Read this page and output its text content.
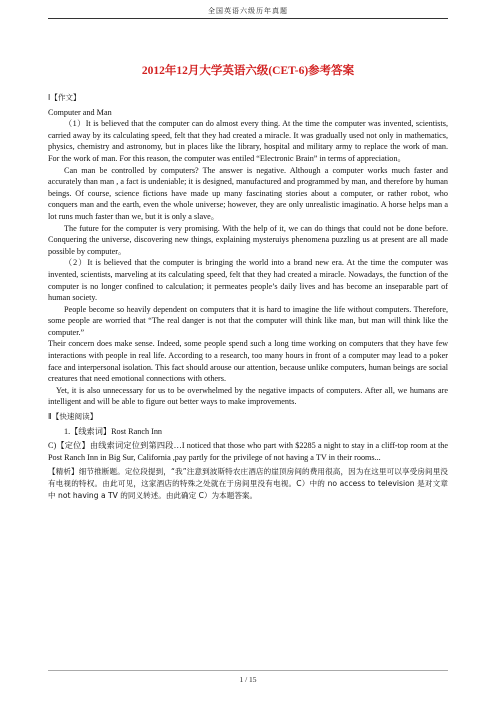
全国英语六级历年真题
2012年12月大学英语六级(CET-6)参考答案

Ⅰ【作文】

Computer and Man

（1）It is believed that the computer can do almost every thing. At the time the computer was invented, scientists, carried away by its calculating speed, felt that they had created a miracle. It was gradually used not only in mathematics, physics, chemistry and astronomy, but in places like the library, hospital and military army to replace the work of man. For the work of man. For this reason, the computer was entiled “Electronic Brain” in terms of appreciation。

Can man be controlled by computers? The answer is negative. Although a computer works much faster and accurately than man , a fact is undeniable; it is designed, manufactured and programmed by man, and therefore by human beings. Of course, science fictions have made up many fascinating stories about a computer, or rather robot, who conquers man and the earth, even the whole universe; however, they are only unrealistic imaginatio. A horse helps man a lot runs much faster than we, but it is only a slave。

The future for the computer is very promising. With the help of it, we can do things that could not be done before. Conquering the universe, discovering new things, explaining mysteruiys phenomena puzzling us at present are all made possible by computer。

（2）It is believed that the computer is bringing the world into a brand new era. At the time the computer was invented, scientists, marveling at its calculating speed, felt that they had created a miracle. Nowadays, the function of the computer is no longer confined to calculation; it permeates people’s daily lives and has become an inseparable part of human society.

People become so heavily dependent on computers that it is hard to imagine the life without computers. Therefore, some people are worried that “The real danger is not that the computer will think like man, but man will think like the computer.”

Their concern does make sense. Indeed, some people spend such a long time working on computers that they have few interactions with people in real life. According to a research, too many hours in front of a computer may lead to a poker face and interpersonal isolation. This fact should arouse our attention, because unlike computers, human beings are social creatures that need emotional connections with others.

Yet, it is also unnecessary for us to be overwhelmed by the negative impacts of computers. After all, we humans are intelligent and will be able to figure out better ways to make improvements.

Ⅱ【快速阅读】

1.【线索词】Rost Ranch Inn

C)【定位】由线索词定位到第四段…I noticed that those who part with $2285 a night to stay in a cliff-top room at the Post Ranch Inn in Big Sur, California ,pay partly for the privilege of not having a TV in their rooms...

【精析】细节推断题。定位段提到，“我”注意到波斯特农庄酒店的崖顶房间的费用很高，因为在这里可以享受房间里没有电视的特权。由此可见，这家酒店的特殊之处就在于房间里没有电视。C）中的 no access to television 是对文章中 not having a TV 的同义转述。由此确定 C）为本题答案。

1 / 15
